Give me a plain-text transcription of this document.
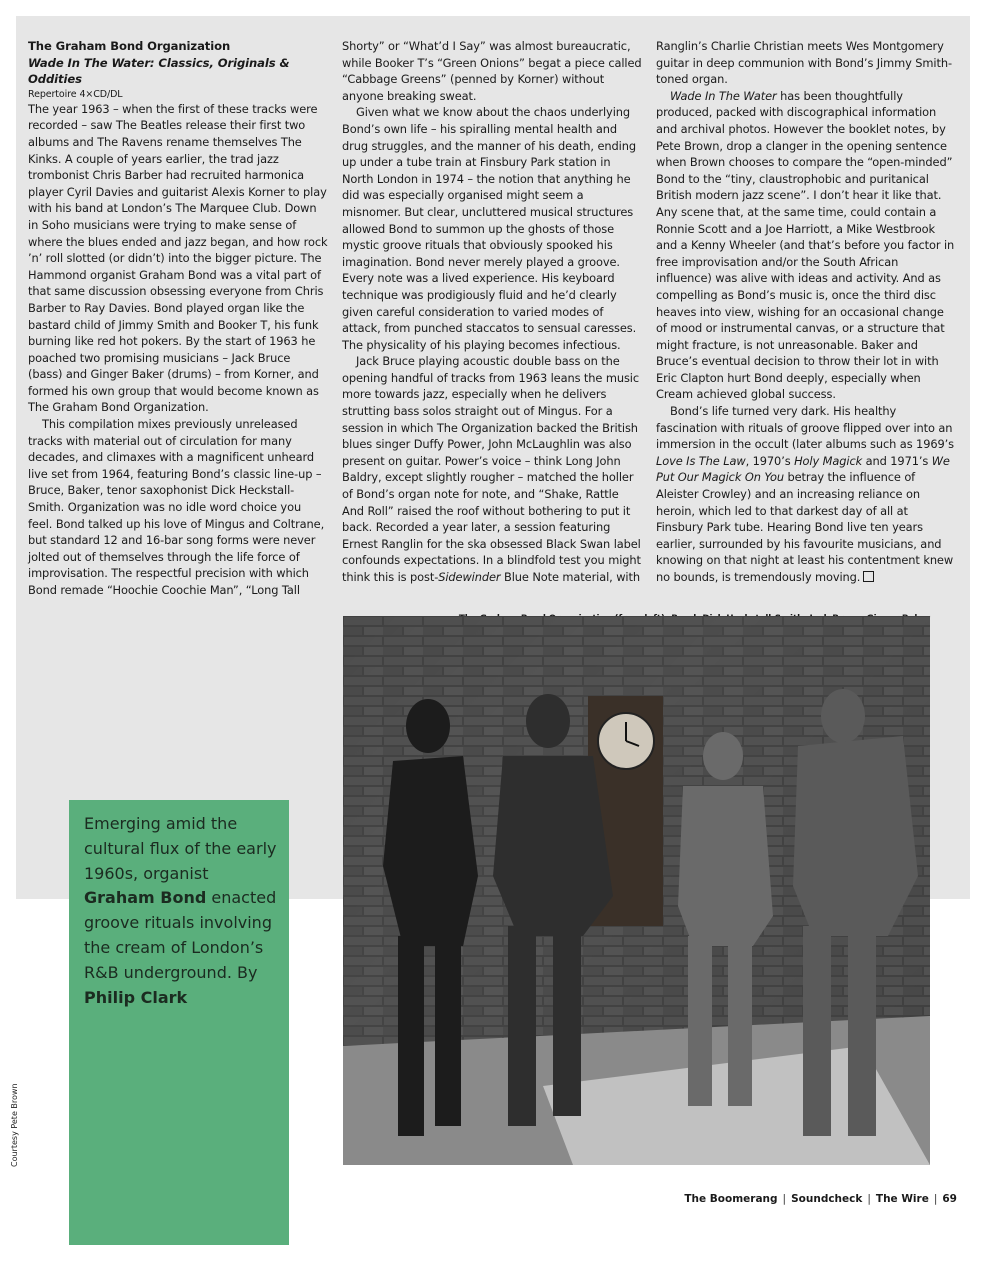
The Graham Bond Organization
Wade In The Water: Classics, Originals & Oddities
Repertoire 4×CD/DL

The year 1963 – when the first of these tracks were recorded – saw The Beatles release their first two albums and The Ravens rename themselves The Kinks. A couple of years earlier, the trad jazz trombonist Chris Barber had recruited harmonica player Cyril Davies and guitarist Alexis Korner to play with his band at London’s The Marquee Club. Down in Soho musicians were trying to make sense of where the blues ended and jazz began, and how rock ’n’ roll slotted (or didn’t) into the bigger picture. The Hammond organist Graham Bond was a vital part of that same discussion obsessing everyone from Chris Barber to Ray Davies. Bond played organ like the bastard child of Jimmy Smith and Booker T, his funk burning like red hot pokers. By the start of 1963 he poached two promising musicians – Jack Bruce (bass) and Ginger Baker (drums) – from Korner, and formed his own group that would become known as The Graham Bond Organization.

This compilation mixes previously unreleased tracks with material out of circulation for many decades, and climaxes with a magnificent unheard live set from 1964, featuring Bond’s classic line-up – Bruce, Baker, tenor saxophonist Dick Heckstall-Smith. Organization was no idle word choice you feel. Bond talked up his love of Mingus and Coltrane, but standard 12 and 16-bar song forms were never jolted out of themselves through the life force of improvisation. The respectful precision with which Bond remade “Hoochie Coochie Man”, “Long Tall

Shorty” or “What’d I Say” was almost bureaucratic, while Booker T’s “Green Onions” begat a piece called “Cabbage Greens” (penned by Korner) without anyone breaking sweat.

Given what we know about the chaos underlying Bond’s own life – his spiralling mental health and drug struggles, and the manner of his death, ending up under a tube train at Finsbury Park station in North London in 1974 – the notion that anything he did was especially organised might seem a misnomer. But clear, uncluttered musical structures allowed Bond to summon up the ghosts of those mystic groove rituals that obviously spooked his imagination. Bond never merely played a groove. Every note was a lived experience. His keyboard technique was prodigiously fluid and he’d clearly given careful consideration to varied modes of attack, from punched staccatos to sensual caresses. The physicality of his playing becomes infectious.

Jack Bruce playing acoustic double bass on the opening handful of tracks from 1963 leans the music more towards jazz, especially when he delivers strutting bass solos straight out of Mingus. For a session in which The Organization backed the British blues singer Duffy Power, John McLaughlin was also present on guitar. Power’s voice – think Long John Baldry, except slightly rougher – matched the holler of Bond’s organ note for note, and “Shake, Rattle And Roll” raised the roof without bothering to put it back. Recorded a year later, a session featuring Ernest Ranglin for the ska obsessed Black Swan label confounds expectations. In a blindfold test you might think this is post-Sidewinder Blue Note material, with

Ranglin’s Charlie Christian meets Wes Montgomery guitar in deep communion with Bond’s Jimmy Smith-toned organ.

Wade In The Water has been thoughtfully produced, packed with discographical information and archival photos. However the booklet notes, by Pete Brown, drop a clanger in the opening sentence when Brown chooses to compare the “open-minded” Bond to the “tiny, claustrophobic and puritanical British modern jazz scene”. I don’t hear it like that. Any scene that, at the same time, could contain a Ronnie Scott and a Joe Harriott, a Mike Westbrook and a Kenny Wheeler (and that’s before you factor in free improvisation and/or the South African influence) was alive with ideas and activity. And as compelling as Bond’s music is, once the third disc heaves into view, wishing for an occasional change of mood or instrumental canvas, or a structure that might fracture, is not unreasonable. Baker and Bruce’s eventual decision to throw their lot in with Eric Clapton hurt Bond deeply, especially when Cream achieved global success.

Bond’s life turned very dark. His healthy fascination with rituals of groove flipped over into an immersion in the occult (later albums such as 1969’s Love Is The Law, 1970’s Holy Magick and 1971’s We Put Our Magick On You betray the influence of Aleister Crowley) and an increasing reliance on heroin, which led to that darkest day of all at Finsbury Park tube. Hearing Bond live ten years earlier, surrounded by his favourite musicians, and knowing on that night at least his contentment knew no bounds, is tremendously moving.

Emerging amid the cultural flux of the early 1960s, organist Graham Bond enacted groove rituals involving the cream of London’s R&B underground. By Philip Clark

Courtesy Pete Brown
The Boomerang | Soundcheck | The Wire | 69
